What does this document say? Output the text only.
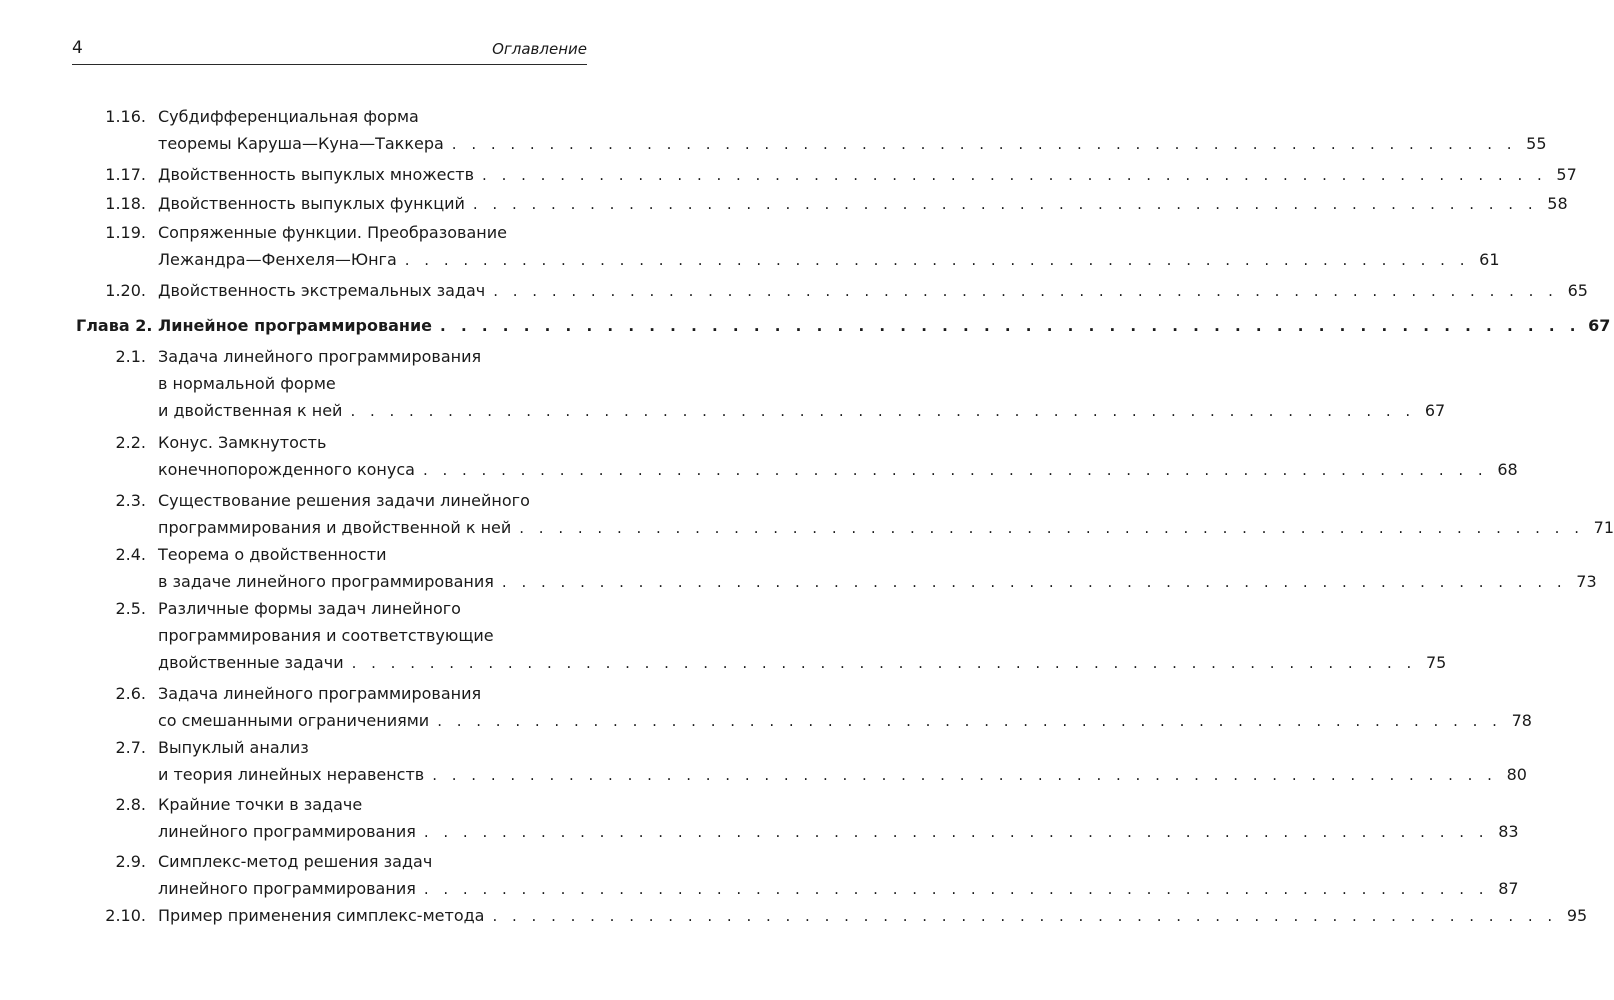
4	Оглавление
1.16. Субдифференциальная форма
теоремы Каруша—Куна—Таккера . . . . . . . . . . . . . . . . . . . . . . . . . . . . . . . . . . . . . . . . . . . . . . . . . . . . . . . 55
1.17. Двойственность выпуклых множеств . . . . . . . . . . . . . . . . . . . . . . . . . . . . . . . . . . . . . . . . . . . . . . . . . . . . . . . 57
1.18. Двойственность выпуклых функций . . . . . . . . . . . . . . . . . . . . . . . . . . . . . . . . . . . . . . . . . . . . . . . . . . . . . . . 58
1.19. Сопряженные функции. Преобразование
Лежандра—Фенхеля—Юнга . . . . . . . . . . . . . . . . . . . . . . . . . . . . . . . . . . . . . . . . . . . . . . . . . . . . . . . 61
1.20. Двойственность экстремальных задач . . . . . . . . . . . . . . . . . . . . . . . . . . . . . . . . . . . . . . . . . . . . . . . . . . . . . . . 65
Глава 2. Линейное программирование . . . . . . . . . . . . . . . . . . . . . . . . . . . . . . . . . . . . . . . . . . . . . . . . . . . . . . . 67
2.1. Задача линейного программирования
в нормальной форме
и двойственная к ней . . . . . . . . . . . . . . . . . . . . . . . . . . . . . . . . . . . . . . . . . . . . . . . . . . . . . . . 67
2.2. Конус. Замкнутость
конечнопорожденного конуса . . . . . . . . . . . . . . . . . . . . . . . . . . . . . . . . . . . . . . . . . . . . . . . . . . . . . . . 68
2.3. Существование решения задачи линейного
программирования и двойственной к ней . . . . . . . . . . . . . . . . . . . . . . . . . . . . . . . . . . . . . . . . . . . . . . . . . . . . . . . 71
2.4. Теорема о двойственности
в задаче линейного программирования . . . . . . . . . . . . . . . . . . . . . . . . . . . . . . . . . . . . . . . . . . . . . . . . . . . . . . . 73
2.5. Различные формы задач линейного
программирования и соответствующие
двойственные задачи . . . . . . . . . . . . . . . . . . . . . . . . . . . . . . . . . . . . . . . . . . . . . . . . . . . . . . . 75
2.6. Задача линейного программирования
со смешанными ограничениями . . . . . . . . . . . . . . . . . . . . . . . . . . . . . . . . . . . . . . . . . . . . . . . . . . . . . . . 78
2.7. Выпуклый анализ
и теория линейных неравенств . . . . . . . . . . . . . . . . . . . . . . . . . . . . . . . . . . . . . . . . . . . . . . . . . . . . . . . 80
2.8. Крайние точки в задаче
линейного программирования . . . . . . . . . . . . . . . . . . . . . . . . . . . . . . . . . . . . . . . . . . . . . . . . . . . . . . . 83
2.9. Симплекс-метод решения задач
линейного программирования . . . . . . . . . . . . . . . . . . . . . . . . . . . . . . . . . . . . . . . . . . . . . . . . . . . . . . . 87
2.10. Пример применения симплекс-метода . . . . . . . . . . . . . . . . . . . . . . . . . . . . . . . . . . . . . . . . . . . . . . . . . . . . . . . 95
